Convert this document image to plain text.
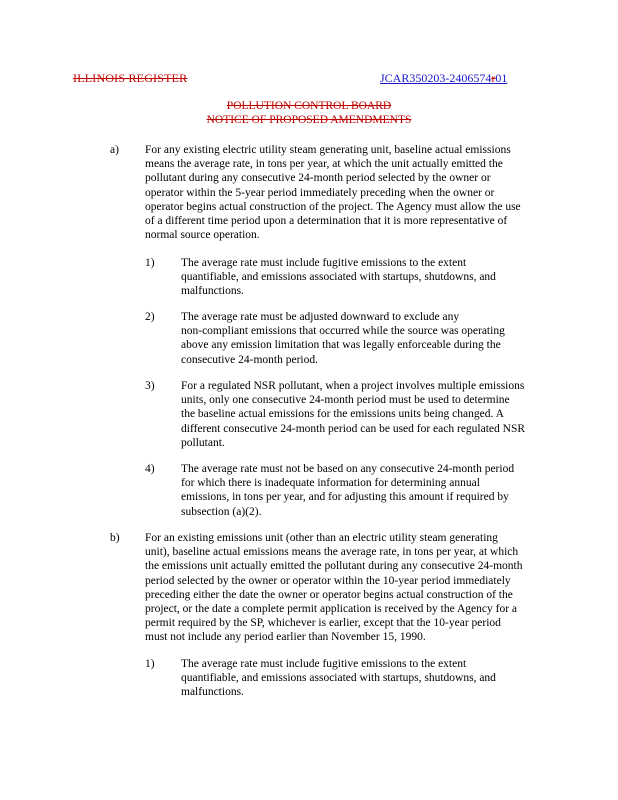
ILLINOIS REGISTER	JCAR350203-2406574r01
POLLUTION CONTROL BOARD
NOTICE OF PROPOSED AMENDMENTS
a) For any existing electric utility steam generating unit, baseline actual emissions
means the average rate, in tons per year, at which the unit actually emitted the
pollutant during any consecutive 24-month period selected by the owner or
operator within the 5-year period immediately preceding when the owner or
operator begins actual construction of the project. The Agency must allow the use
of a different time period upon a determination that it is more representative of
normal source operation.
1) The average rate must include fugitive emissions to the extent
quantifiable, and emissions associated with startups, shutdowns, and
malfunctions.
2) The average rate must be adjusted downward to exclude any
non-compliant emissions that occurred while the source was operating
above any emission limitation that was legally enforceable during the
consecutive 24-month period.
3) For a regulated NSR pollutant, when a project involves multiple emissions
units, only one consecutive 24-month period must be used to determine
the baseline actual emissions for the emissions units being changed. A
different consecutive 24-month period can be used for each regulated NSR
pollutant.
4) The average rate must not be based on any consecutive 24-month period
for which there is inadequate information for determining annual
emissions, in tons per year, and for adjusting this amount if required by
subsection (a)(2).
b) For an existing emissions unit (other than an electric utility steam generating
unit), baseline actual emissions means the average rate, in tons per year, at which
the emissions unit actually emitted the pollutant during any consecutive 24-month
period selected by the owner or operator within the 10-year period immediately
preceding either the date the owner or operator begins actual construction of the
project, or the date a complete permit application is received by the Agency for a
permit required by the SP, whichever is earlier, except that the 10-year period
must not include any period earlier than November 15, 1990.
1) The average rate must include fugitive emissions to the extent
quantifiable, and emissions associated with startups, shutdowns, and
malfunctions.
